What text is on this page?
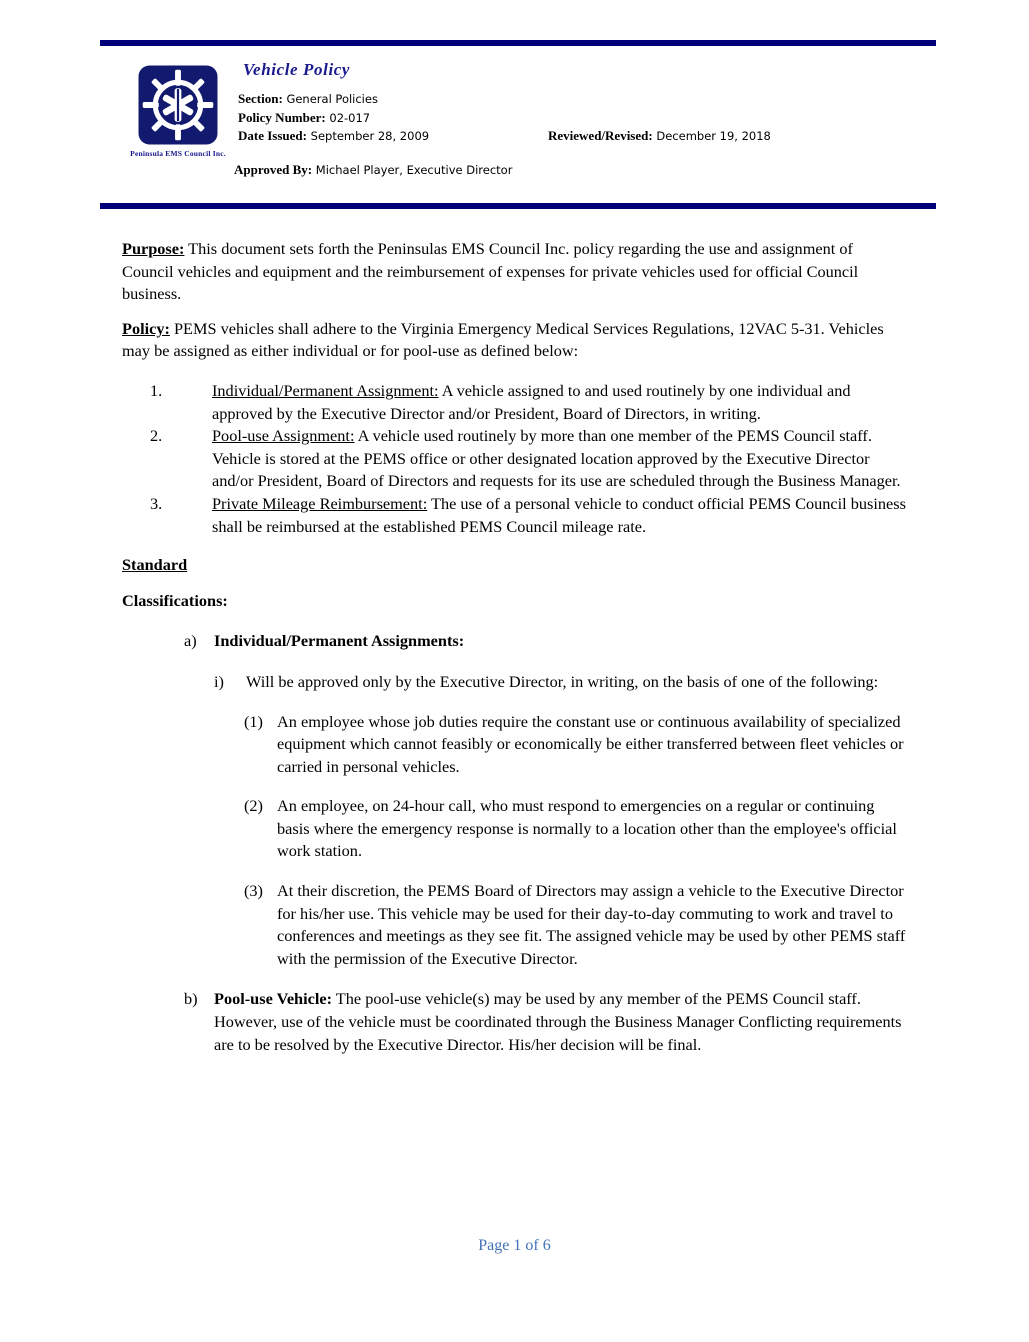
Peninsula EMS Council Inc.
Vehicle Policy
Section: General Policies
Policy Number: 02-017
Date Issued: September 28, 2009	Reviewed/Revised: December 19, 2018
Approved By: Michael Player, Executive Director

Purpose: This document sets forth the Peninsulas EMS Council Inc. policy regarding the use and assignment of Council vehicles and equipment and the reimbursement of expenses for private vehicles used for official Council business.

Policy: PEMS vehicles shall adhere to the Virginia Emergency Medical Services Regulations, 12VAC 5-31. Vehicles may be assigned as either individual or for pool-use as defined below:

1.	Individual/Permanent Assignment: A vehicle assigned to and used routinely by one individual and approved by the Executive Director and/or President, Board of Directors, in writing.
2.	Pool-use Assignment: A vehicle used routinely by more than one member of the PEMS Council staff. Vehicle is stored at the PEMS office or other designated location approved by the Executive Director and/or President, Board of Directors and requests for its use are scheduled through the Business Manager.
3.	Private Mileage Reimbursement: The use of a personal vehicle to conduct official PEMS Council business shall be reimbursed at the established PEMS Council mileage rate.

Standard

Classifications:

a)	Individual/Permanent Assignments:
i)	Will be approved only by the Executive Director, in writing, on the basis of one of the following:
(1) An employee whose job duties require the constant use or continuous availability of specialized equipment which cannot feasibly or economically be either transferred between fleet vehicles or carried in personal vehicles.
(2) An employee, on 24-hour call, who must respond to emergencies on a regular or continuing basis where the emergency response is normally to a location other than the employee's official work station.
(3) At their discretion, the PEMS Board of Directors may assign a vehicle to the Executive Director for his/her use. This vehicle may be used for their day-to-day commuting to work and travel to conferences and meetings as they see fit. The assigned vehicle may be used by other PEMS staff with the permission of the Executive Director.
b)	Pool-use Vehicle: The pool-use vehicle(s) may be used by any member of the PEMS Council staff. However, use of the vehicle must be coordinated through the Business Manager Conflicting requirements are to be resolved by the Executive Director. His/her decision will be final.
Page 1 of 6
